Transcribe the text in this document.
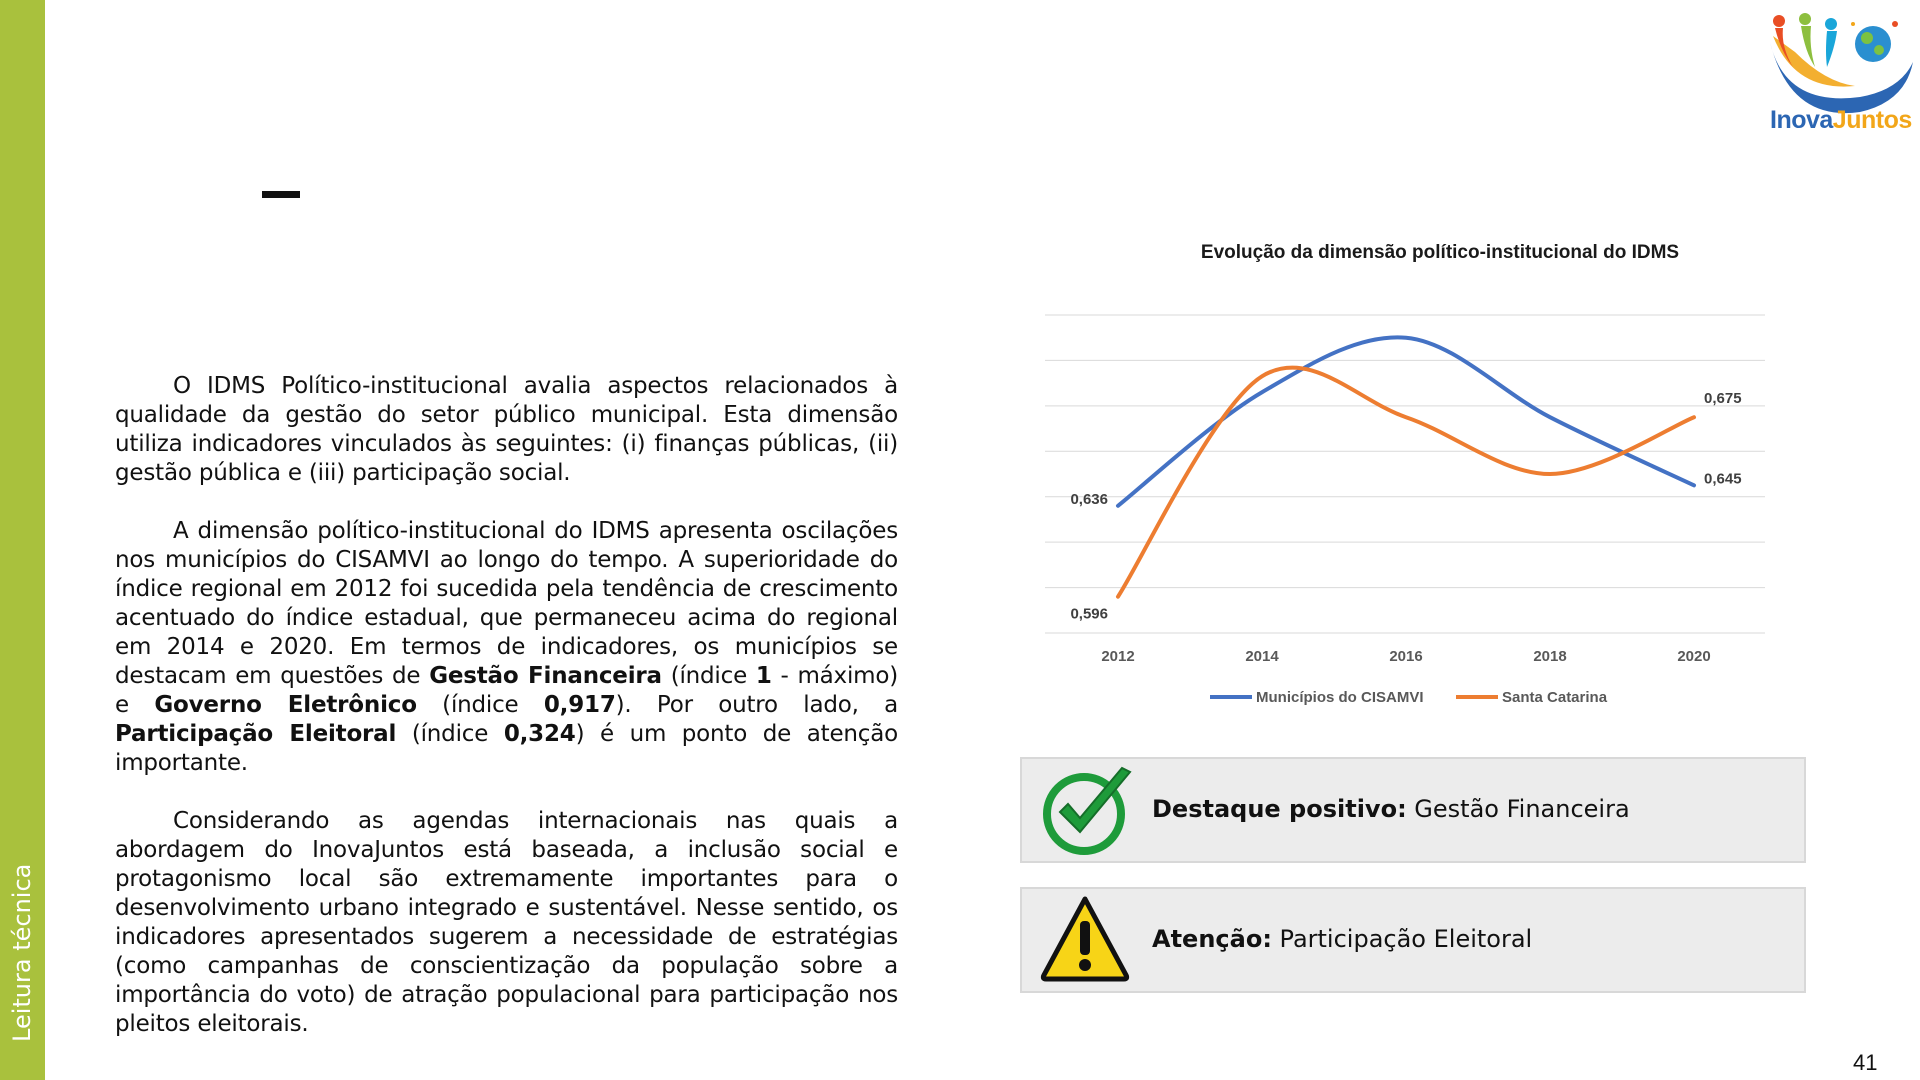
Leitura técnica
InovaJuntos

O IDMS Político-institucional avalia aspectos relacionados à qualidade da gestão do setor público municipal. Esta dimensão utiliza indicadores vinculados às seguintes: (i) finanças públicas, (ii) gestão pública e (iii) participação social.

A dimensão político-institucional do IDMS apresenta oscilações nos municípios do CISAMVI ao longo do tempo. A superioridade do índice regional em 2012 foi sucedida pela tendência de crescimento acentuado do índice estadual, que permaneceu acima do regional em 2014 e 2020. Em termos de indicadores, os municípios se destacam em questões de Gestão Financeira (índice 1 - máximo) e Governo Eletrônico (índice 0,917). Por outro lado, a Participação Eleitoral (índice 0,324) é um ponto de atenção importante.

Considerando as agendas internacionais nas quais a abordagem do InovaJuntos está baseada, a inclusão social e protagonismo local são extremamente importantes para o desenvolvimento urbano integrado e sustentável. Nesse sentido, os indicadores apresentados sugerem a necessidade de estratégias (como campanhas de conscientização da população sobre a importância do voto) de atração populacional para participação nos pleitos eleitorais.

Evolução da dimensão político-institucional do IDMS
2012	2014	2016	2018	2020
0,636
0,645
0,596
0,675
Municípios do CISAMVI	Santa Catarina
Destaque positivo: Gestão Financeira
Atenção: Participação Eleitoral
41
